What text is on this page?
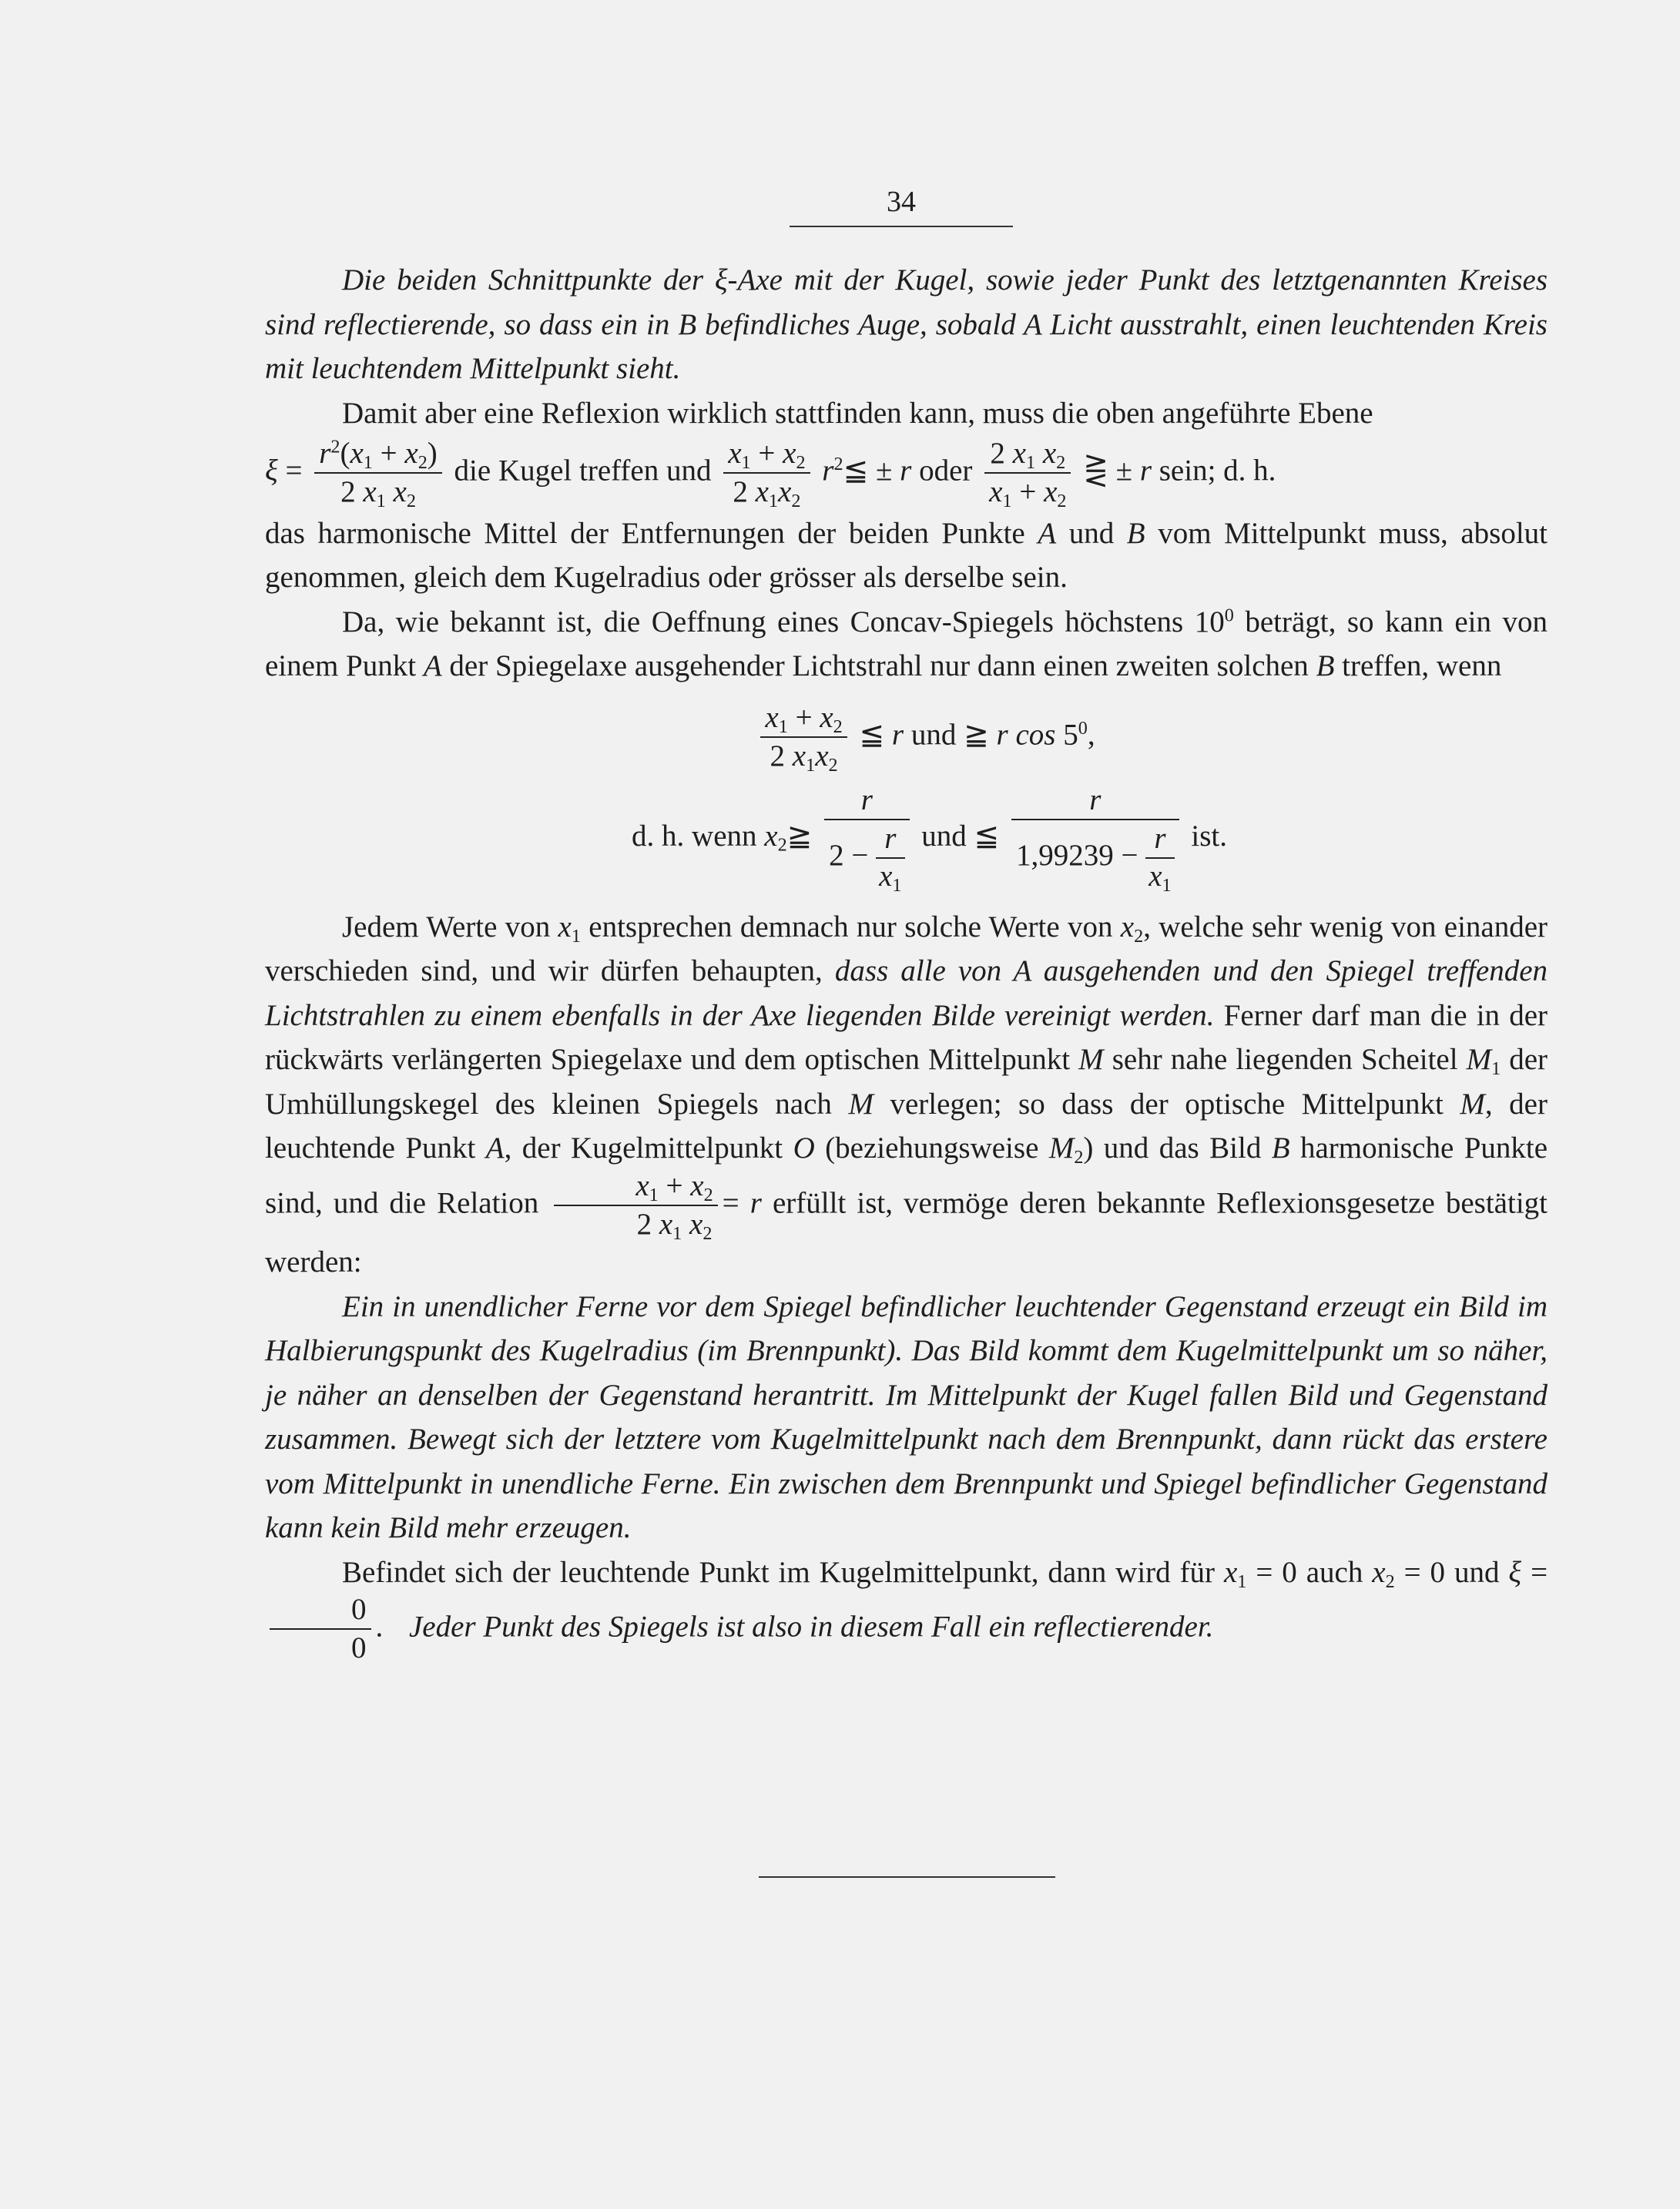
34

Die beiden Schnittpunkte der ξ-Axe mit der Kugel, sowie jeder Punkt des letztgenannten Kreises sind reflectierende, so dass ein in B befindliches Auge, sobald A Licht ausstrahlt, einen leuchtenden Kreis mit leuchtendem Mittelpunkt sieht.

Damit aber eine Reflexion wirklich stattfinden kann, muss die oben angeführte Ebene

$\xi = \frac{r^2(x_1 + x_2)}{2 x_1 x_2}$ die Kugel treffen und $\frac{x_1 + x_2}{2 x_1x_2}$ $r^2≦ \pm r$ oder $\frac{2 x_1 x_2}{x_1 + x_2}$ ⋛ ± r sein; d. h.

das harmonische Mittel der Entfernungen der beiden Punkte A und B vom Mittelpunkt muss, absolut genommen, gleich dem Kugelradius oder grösser als derselbe sein.

Da, wie bekannt ist, die Oeffnung eines Concav-Spiegels höchstens $10^0$ beträgt, so kann ein von einem Punkt A der Spiegelaxe ausgehender Lichtstrahl nur dann einen zweiten solchen B treffen, wenn

$\frac{x_1 + x_2}{2 x_1x_2}$ ≦ r und ≧ r $\cos 5^0$,
d. h. wenn $x_2≧ \frac{r}{2 - \frac{r}{x_1}}$ und ≦ $\frac{r}{1,99239 - \frac{r}{x_1}}$ ist.

Jedem Werte von $x_1$ entsprechen demnach nur solche Werte von $x_2$, welche sehr wenig von einander verschieden sind, und wir dürfen behaupten, dass alle von A ausgehenden und den Spiegel treffenden Lichtstrahlen zu einem ebenfalls in der Axe liegenden Bilde vereinigt werden. Ferner darf man die in der rückwärts verlängerten Spiegelaxe und dem optischen Mittelpunkt M sehr nahe liegenden Scheitel $M_1$ der Umhüllungskegel des kleinen Spiegels nach M verlegen; so dass der optische Mittelpunkt M, der leuchtende Punkt A, der Kugelmittelpunkt O (beziehungsweise $M_2$) und das Bild B harmonische Punkte sind, und die Relation $\frac{x_1 + x_2}{2 x_1 x_2} = r$ erfüllt ist, vermöge deren bekannte Reflexionsgesetze bestätigt werden:

Ein in unendlicher Ferne vor dem Spiegel befindlicher leuchtender Gegenstand erzeugt ein Bild im Halbierungspunkt des Kugelradius (im Brennpunkt). Das Bild kommt dem Kugelmittelpunkt um so näher, je näher an denselben der Gegenstand herantritt. Im Mittelpunkt der Kugel fallen Bild und Gegenstand zusammen. Bewegt sich der letztere vom Kugelmittelpunkt nach dem Brennpunkt, dann rückt das erstere vom Mittelpunkt in unendliche Ferne. Ein zwischen dem Brennpunkt und Spiegel befindlicher Gegenstand kann kein Bild mehr erzeugen.

Befindet sich der leuchtende Punkt im Kugelmittelpunkt, dann wird für $x_1 = 0$ auch $x_2 = 0$ und ξ =
$\frac{0}{0}$ . Jeder Punkt des Spiegels ist also in diesem Fall ein reflectierender.
